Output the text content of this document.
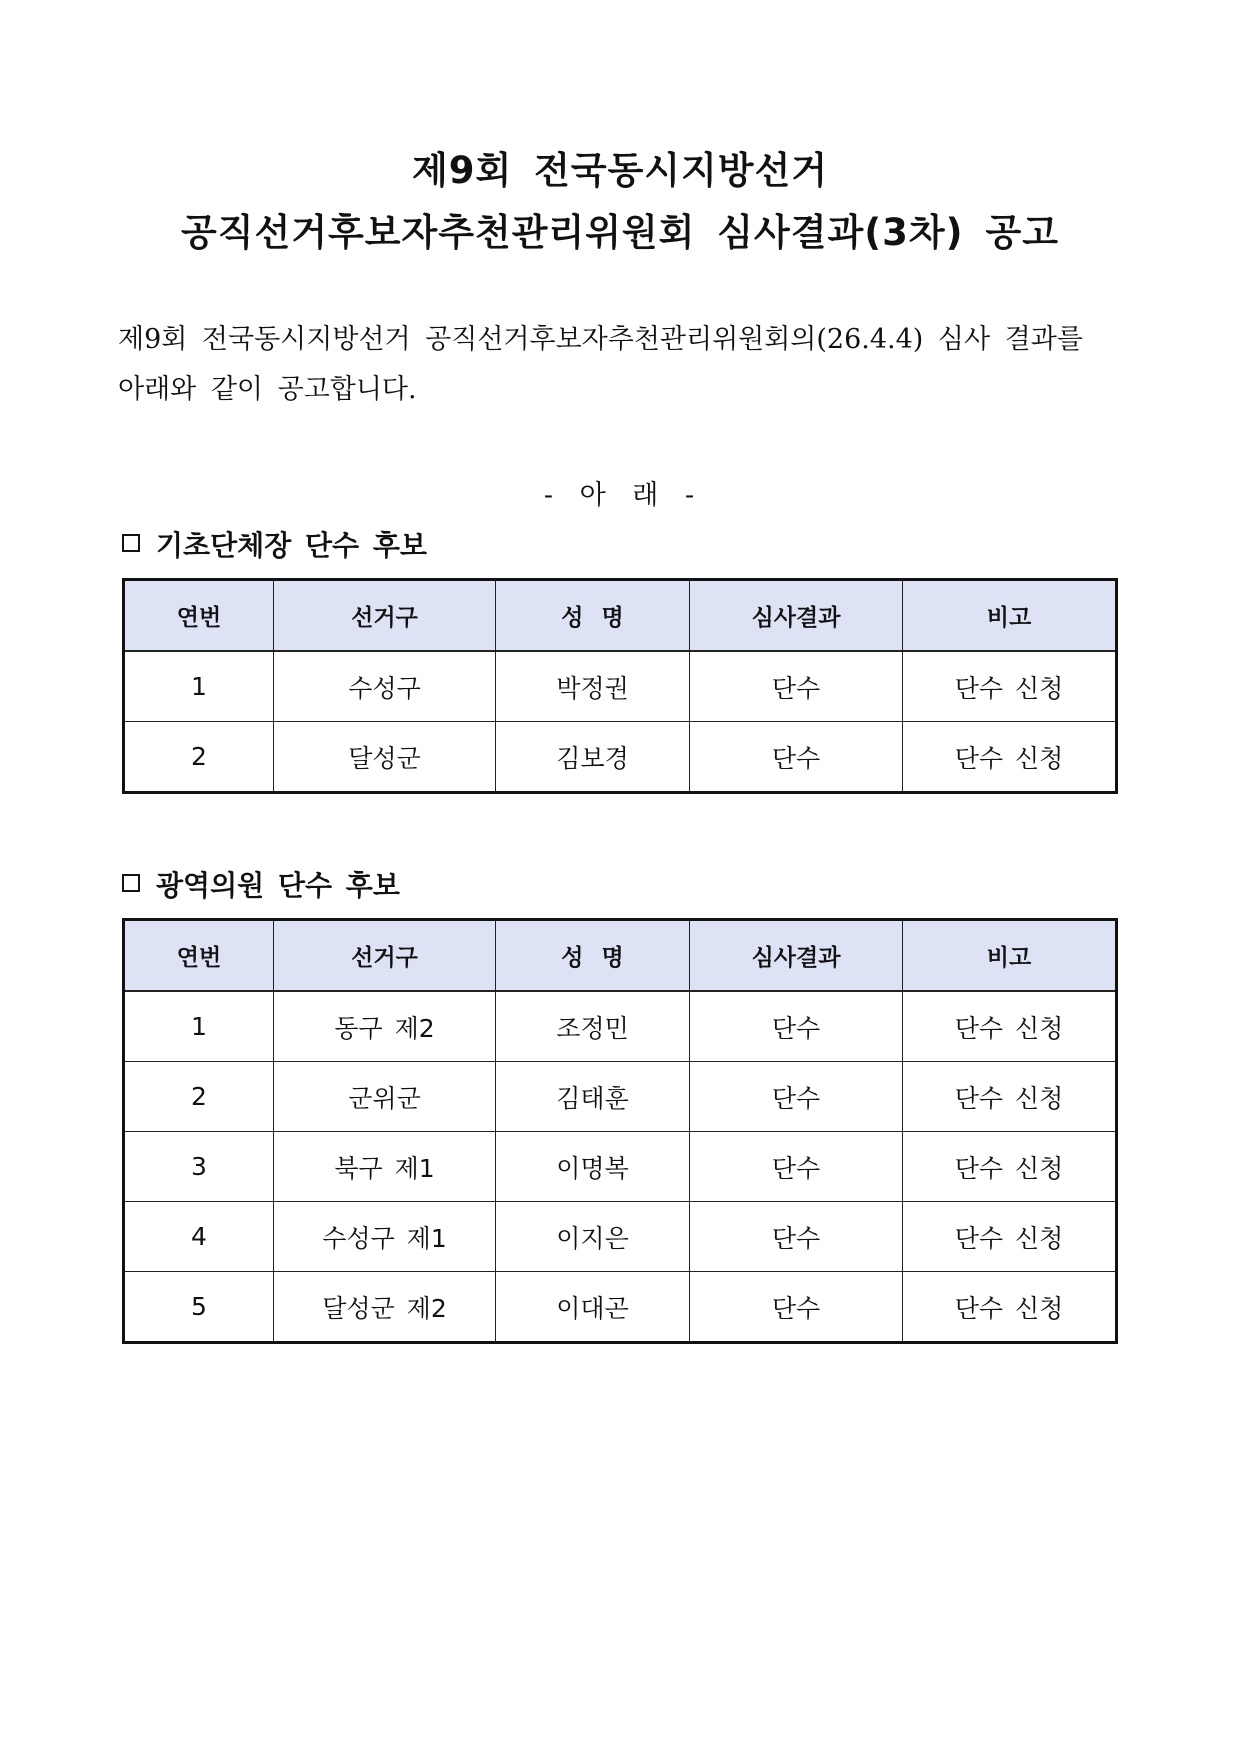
제9회 전국동시지방선거
공직선거후보자추천관리위원회 심사결과(3차) 공고

제9회 전국동시지방선거 공직선거후보자추천관리위원회의(26.4.4) 심사 결과를

아래와 같이 공고합니다.

- 아 래 -
기초단체장 단수 후보
연번	선거구	성 명	심사결과	비고
1	수성구	박정권	단수	단수 신청
2	달성군	김보경	단수	단수 신청
광역의원 단수 후보
연번	선거구	성 명	심사결과	비고
1	동구 제2	조정민	단수	단수 신청
2	군위군	김태훈	단수	단수 신청
3	북구 제1	이명복	단수	단수 신청
4	수성구 제1	이지은	단수	단수 신청
5	달성군 제2	이대곤	단수	단수 신청
